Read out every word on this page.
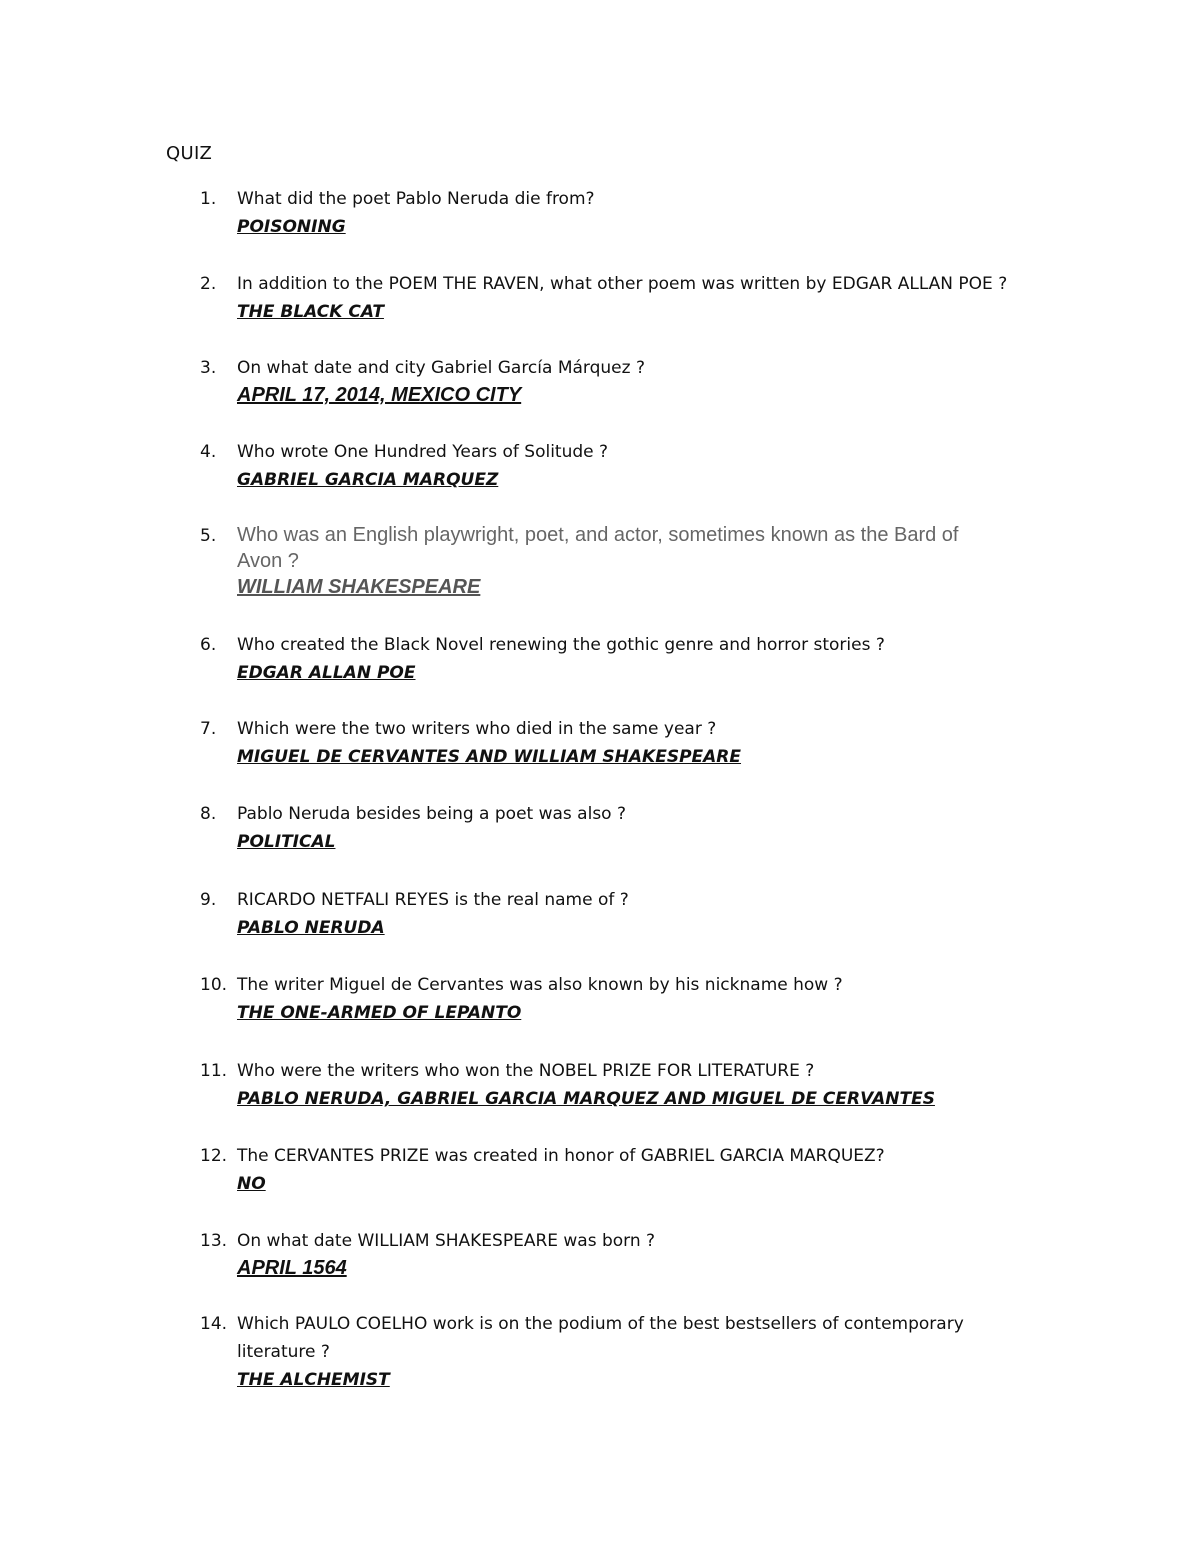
QUIZ
1. What did the poet Pablo Neruda die from?
POISONING
2. In addition to the POEM THE RAVEN, what other poem was written by EDGAR ALLAN POE ?
THE BLACK CAT
3. On what date and city Gabriel García Márquez ?
APRIL 17, 2014, MEXICO CITY
4. Who wrote One Hundred Years of Solitude ?
GABRIEL GARCIA MARQUEZ
5. Who was an English playwright, poet, and actor, sometimes known as the Bard of Avon ?
WILLIAM SHAKESPEARE
6. Who created the Black Novel renewing the gothic genre and horror stories ?
EDGAR ALLAN POE
7. Which were the two writers who died in the same year ?
MIGUEL DE CERVANTES AND WILLIAM SHAKESPEARE
8. Pablo Neruda besides being a poet was also ?
POLITICAL
9. RICARDO NETFALI REYES is the real name of ?
PABLO NERUDA
10. The writer Miguel de Cervantes was also known by his nickname how ?
THE ONE-ARMED OF LEPANTO
11. Who were the writers who won the NOBEL PRIZE FOR LITERATURE ?
PABLO NERUDA, GABRIEL GARCIA MARQUEZ AND MIGUEL DE CERVANTES
12. The CERVANTES PRIZE was created in honor of GABRIEL GARCIA MARQUEZ?
NO
13. On what date WILLIAM SHAKESPEARE was born ?
APRIL 1564
14. Which PAULO COELHO work is on the podium of the best bestsellers of contemporary literature ?
THE ALCHEMIST
